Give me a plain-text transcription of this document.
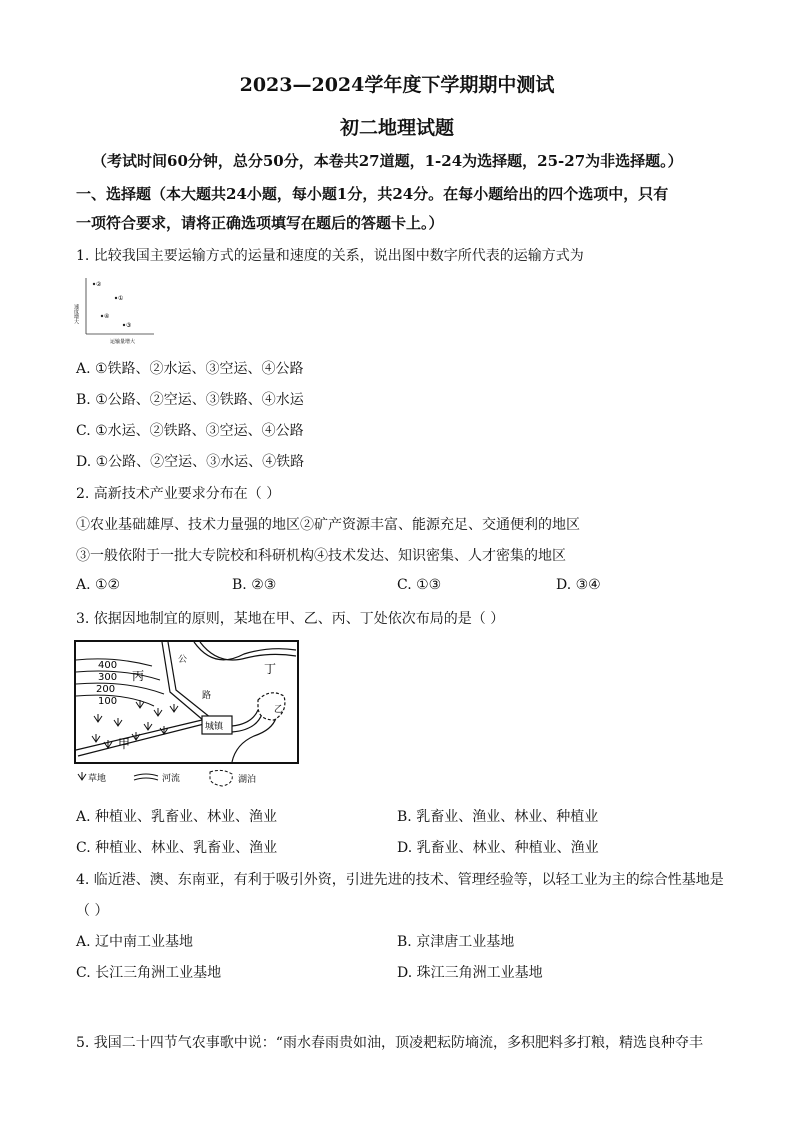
2023—2024学年度下学期期中测试
初二地理试题
（考试时间60分钟，总分50分，本卷共27道题，1-24为选择题，25-27为非选择题。）
一、选择题（本大题共24小题，每小题1分，共24分。在每小题给出的四个选项中，只有
一项符合要求，请将正确选项填写在题后的答题卡上。）
1. 比较我国主要运输方式的运量和速度的关系，说出图中数字所代表的运输方式为
速度增大
运输量增大
②
①
④
③
A. ①铁路、②水运、③空运、④公路
B. ①公路、②空运、③铁路、④水运
C. ①水运、②铁路、③空运、④公路
D. ①公路、②空运、③水运、④铁路
2. 高新技术产业要求分布在（ ）
①农业基础雄厚、技术力量强的地区②矿产资源丰富、能源充足、交通便利的地区
③一般依附于一批大专院校和科研机构④技术发达、知识密集、人才密集的地区
A. ①②	B. ②③	C. ①③	D. ③④
3. 依据因地制宜的原则，某地在甲、乙、丙、丁处依次布局的是（ ）
400
300
200
100
丙
公
路
城镇
丁
乙
甲
草地	河流	湖泊
A. 种植业、乳畜业、林业、渔业	B. 乳畜业、渔业、林业、种植业
C. 种植业、林业、乳畜业、渔业	D. 乳畜业、林业、种植业、渔业
4. 临近港、澳、东南亚，有利于吸引外资，引进先进的技术、管理经验等，以轻工业为主的综合性基地是
（ ）
A. 辽中南工业基地	B. 京津唐工业基地
C. 长江三角洲工业基地	D. 珠江三角洲工业基地
5. 我国二十四节气农事歌中说：“雨水春雨贵如油，顶凌耙耘防墒流，多积肥料多打粮，精选良种夺丰
